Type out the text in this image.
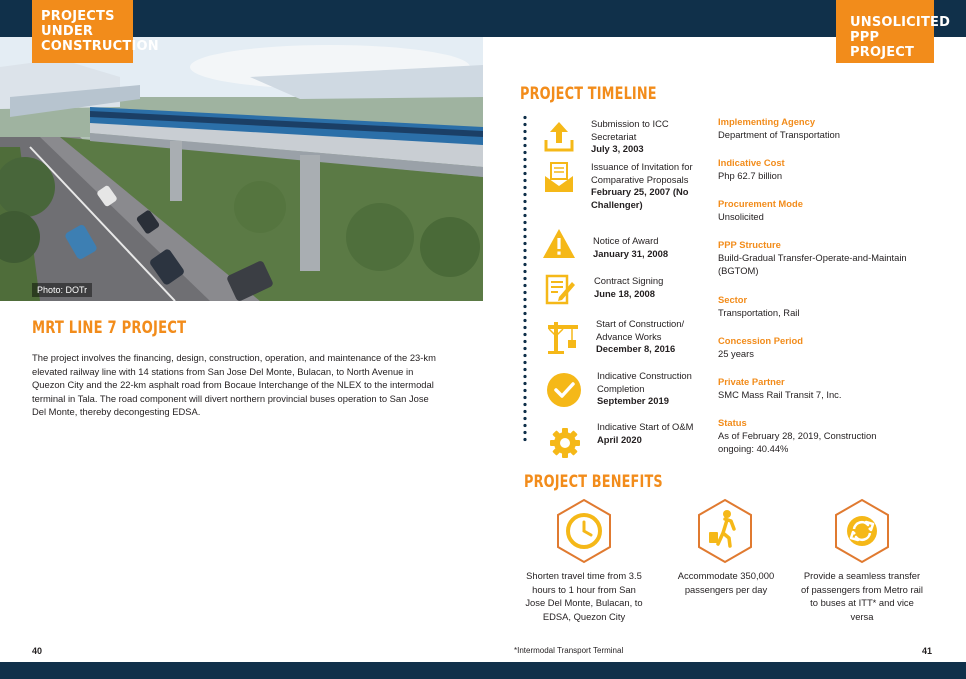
Photo: DOTr
PROJECTS
UNDER
CONSTRUCTION
UNSOLICITED
PPP PROJECT
MRT LINE 7 PROJECT

The project involves the financing, design, construction, operation, and maintenance of the 23-km elevated railway line with 14 stations from San Jose Del Monte, Bulacan, to North Avenue in Quezon City and the 22-km asphalt road from Bocaue Interchange of the NLEX to the intermodal terminal in Tala. The road component will divert northern provincial buses operation to San Jose Del Monte, thereby decongesting EDSA.

40
PROJECT TIMELINE
Submission to ICC Secretariat
July 3, 2003
Issuance of Invitation for Comparative Proposals
February 25, 2007 (No Challenger)
Notice of Award
January 31, 2008
Contract Signing
June 18, 2008
Start of Construction/ Advance Works
December 8, 2016
Indicative Construction Completion
September 2019
Indicative Start of O&M
April 2020
Implementing Agency
Department of Transportation
Indicative Cost
Php 62.7 billion
Procurement Mode
Unsolicited
PPP Structure
Build-Gradual Transfer-Operate-and-Maintain (BGTOM)
Sector
Transportation, Rail
Concession Period
25 years
Private Partner
SMC Mass Rail Transit 7, Inc.
Status
As of February 28, 2019, Construction ongoing: 40.44%
PROJECT BENEFITS
Shorten travel time from 3.5 hours to 1 hour from San Jose Del Monte, Bulacan, to EDSA, Quezon City
Accommodate 350,000 passengers per day
Provide a seamless transfer of passengers from Metro rail to buses at ITT* and vice versa
*Intermodal Transport Terminal	41
